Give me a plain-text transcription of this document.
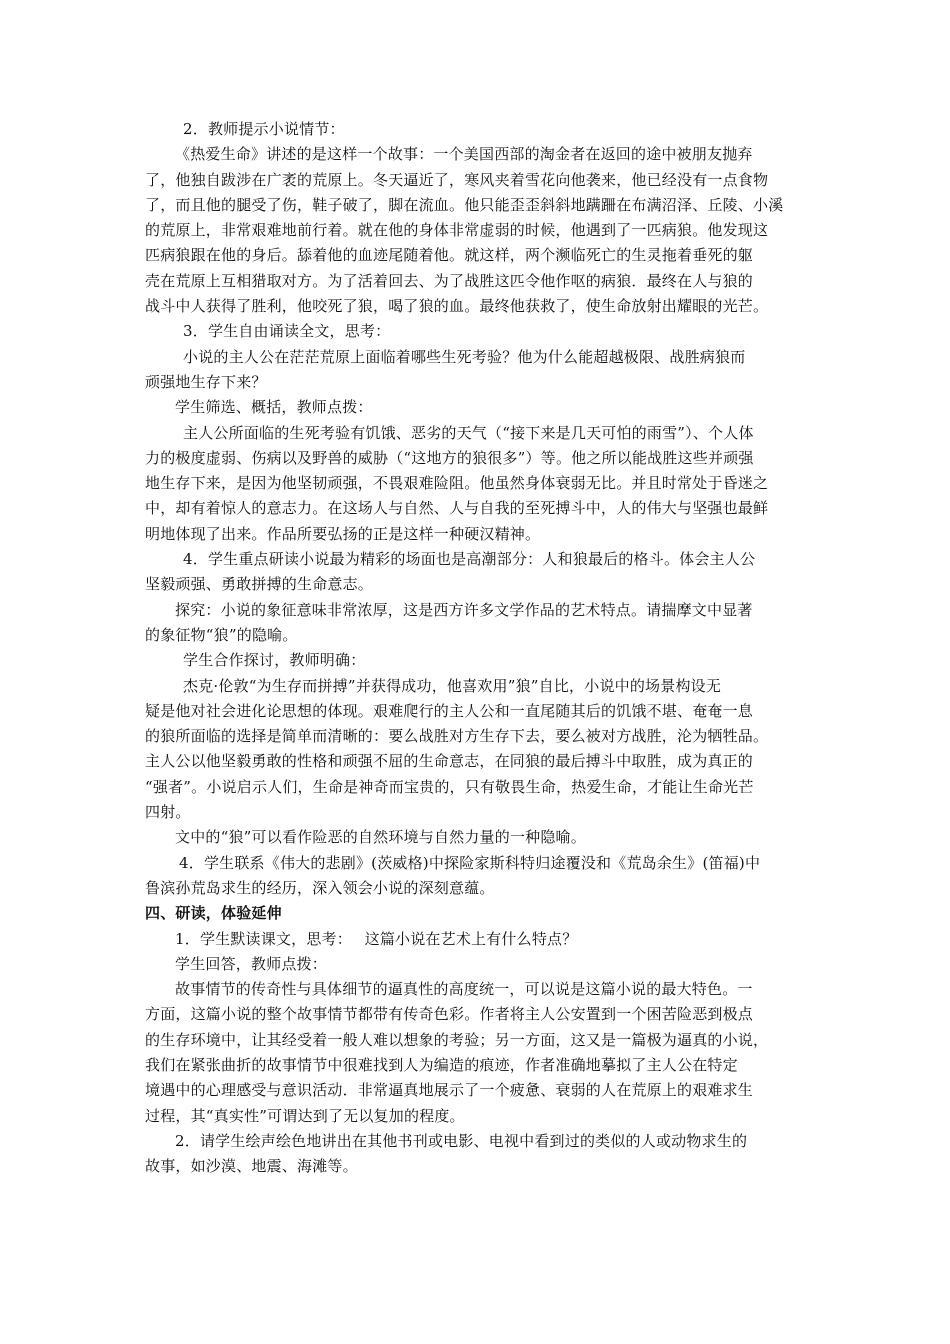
2．教师提示小说情节：
《热爱生命》讲述的是这样一个故事：一个美国西部的淘金者在返回的途中被朋友抛弃
了，他独自跋涉在广袤的荒原上。冬天逼近了，寒风夹着雪花向他袭来，他已经没有一点食物
了，而且他的腿受了伤，鞋子破了，脚在流血。他只能歪歪斜斜地蹒跚在布满沼泽、丘陵、小溪
的荒原上，非常艰难地前行着。就在他的身体非常虚弱的时候，他遇到了一匹病狼。他发现这
匹病狼跟在他的身后。舔着他的血迹尾随着他。就这样，两个濒临死亡的生灵拖着垂死的躯
壳在荒原上互相猎取对方。为了活着回去、为了战胜这匹令他作呕的病狼．最终在人与狼的
战斗中人获得了胜利，他咬死了狼，喝了狼的血。最终他获救了，使生命放射出耀眼的光芒。
3．学生自由诵读全文，思考：
小说的主人公在茫茫荒原上面临着哪些生死考验？他为什么能超越极限、战胜病狼而
顽强地生存下来？
学生筛选、概括，教师点拨：
主人公所面临的生死考验有饥饿、恶劣的天气（“接下来是几天可怕的雨雪”）、个人体
力的极度虚弱、伤病以及野兽的威胁（“这地方的狼很多”）等。他之所以能战胜这些并顽强
地生存下来，是因为他坚韧顽强，不畏艰难险阻。他虽然身体衰弱无比。并且时常处于昏迷之
中，却有着惊人的意志力。在这场人与自然、人与自我的至死搏斗中，人的伟大与坚强也最鲜
明地体现了出来。作品所要弘扬的正是这样一种硬汉精神。
4．学生重点研读小说最为精彩的场面也是高潮部分：人和狼最后的格斗。体会主人公
坚毅顽强、勇敢拼搏的生命意志。
探究：小说的象征意味非常浓厚，这是西方许多文学作品的艺术特点。请揣摩文中显著
的象征物“狼”的隐喻。
学生合作探讨，教师明确：
杰克·伦敦“为生存而拼搏”并获得成功，他喜欢用”狼”自比，小说中的场景构设无
疑是他对社会进化论思想的体现。艰难爬行的主人公和一直尾随其后的饥饿不堪、奄奄一息
的狼所面临的选择是简单而清晰的：要么战胜对方生存下去，要么被对方战胜，沦为牺牲品。
主人公以他坚毅勇敢的性格和顽强不屈的生命意志，在同狼的最后搏斗中取胜，成为真正的
“强者”。小说启示人们，生命是神奇而宝贵的，只有敬畏生命，热爱生命，才能让生命光芒
四射。
文中的“狼”可以看作险恶的自然环境与自然力量的一种隐喻。
4．学生联系《伟大的悲剧》(茨威格)中探险家斯科特归途覆没和《荒岛余生》(笛福)中
鲁滨孙荒岛求生的经历，深入领会小说的深刻意蕴。
四、研读，体验延伸
1．学生默读课文，思考：　 这篇小说在艺术上有什么特点？
学生回答，教师点拨：
故事情节的传奇性与具体细节的逼真性的高度统一，可以说是这篇小说的最大特色。一
方面，这篇小说的整个故事情节都带有传奇色彩。作者将主人公安置到一个困苦险恶到极点
的生存环境中，让其经受着一般人难以想象的考验；另一方面，这又是一篇极为逼真的小说，
我们在紧张曲折的故事情节中很难找到人为编造的痕迹，作者准确地摹拟了主人公在特定
境遇中的心理感受与意识活动．非常逼真地展示了一个疲惫、衰弱的人在荒原上的艰难求生
过程，其“真实性”可谓达到了无以复加的程度。
2．请学生绘声绘色地讲出在其他书刊或电影、电视中看到过的类似的人或动物求生的
故事，如沙漠、地震、海滩等。
